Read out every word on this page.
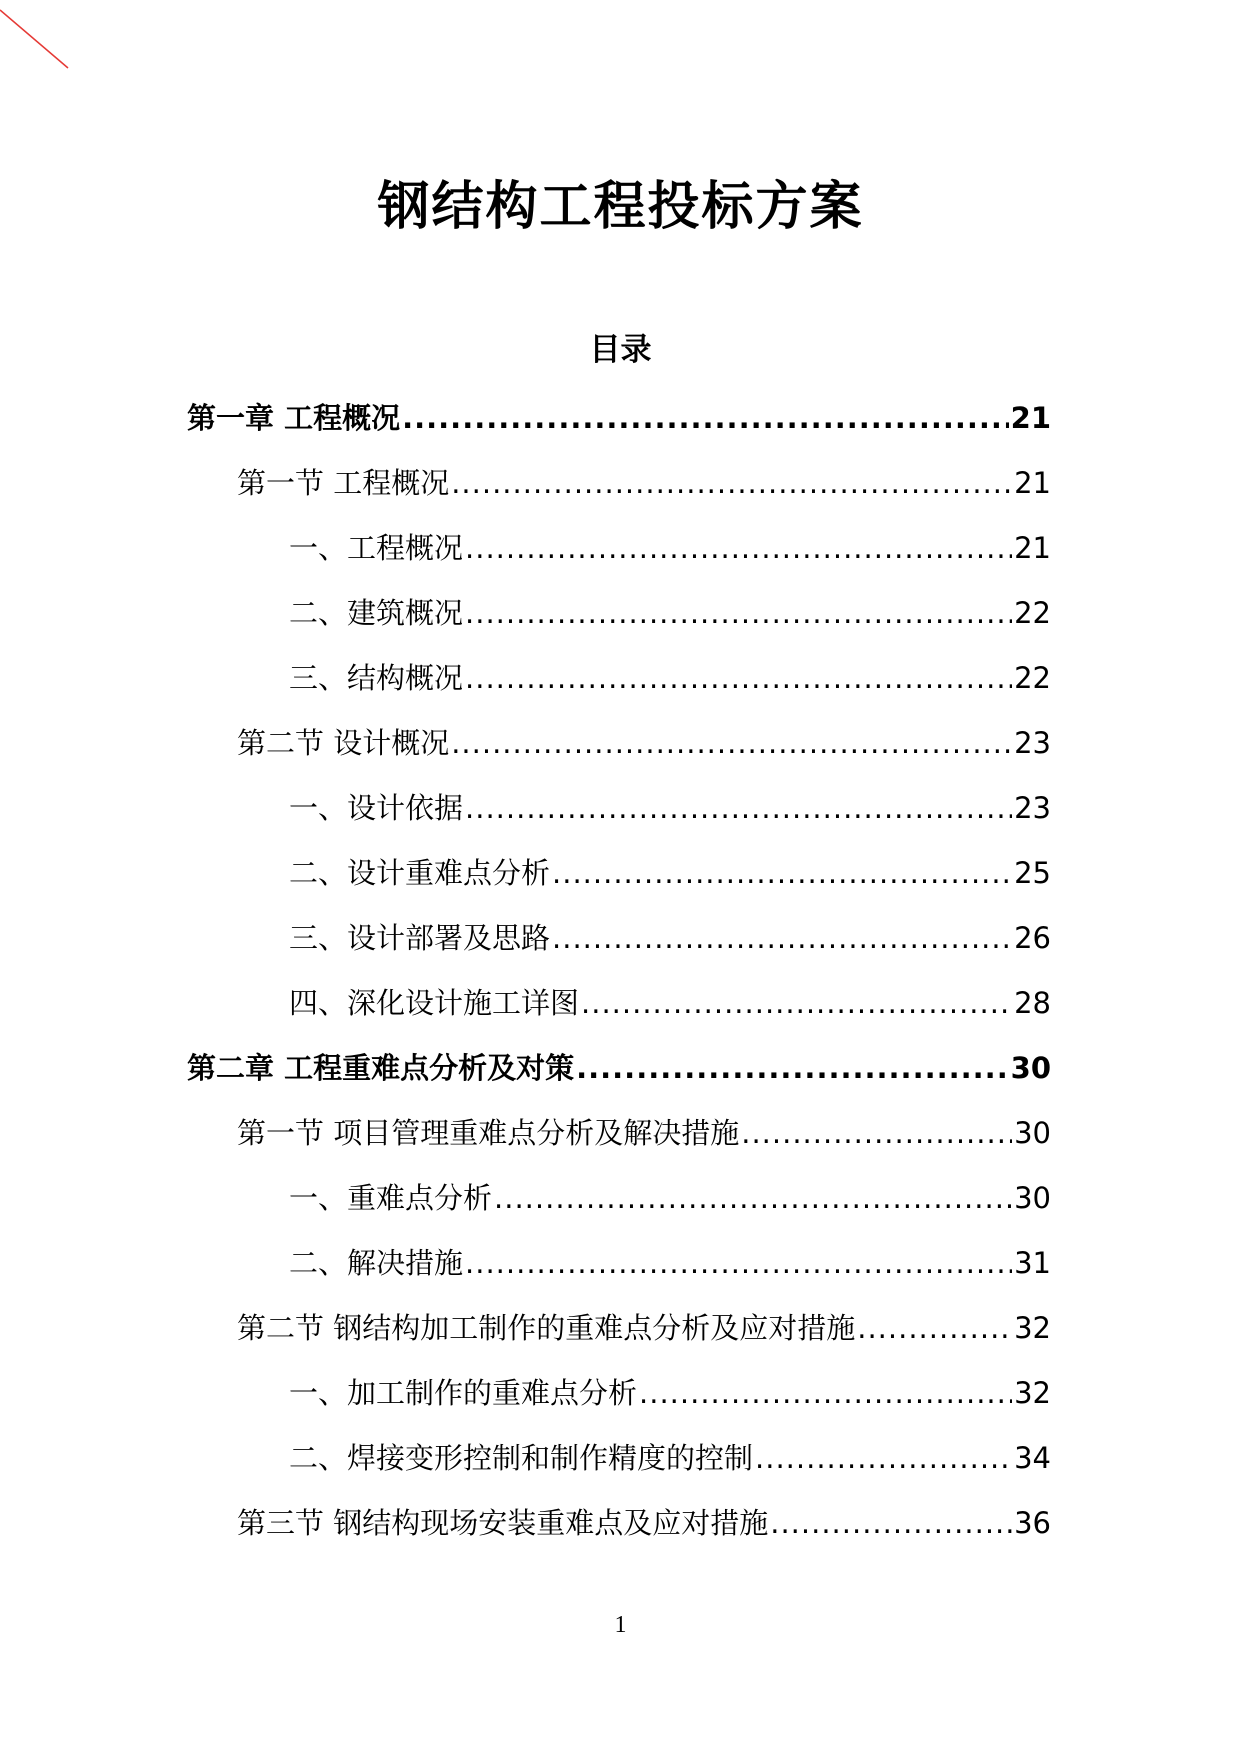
钢结构工程投标方案
目录
第一章 工程概况 .....	21
第一节 工程概况 .....	21
一、工程概况 .....	21
二、建筑概况 .....	22
三、结构概况 .....	22
第二节 设计概况 .....	23
一、设计依据 .....	23
二、设计重难点分析 .....	25
三、设计部署及思路 .....	26
四、深化设计施工详图 .....	28
第二章 工程重难点分析及对策 .....	30
第一节 项目管理重难点分析及解决措施 .....	30
一、重难点分析 .....	30
二、解决措施 .....	31
第二节 钢结构加工制作的重难点分析及应对措施 .....	32
一、加工制作的重难点分析 .....	32
二、焊接变形控制和制作精度的控制 .....	34
第三节 钢结构现场安装重难点及应对措施 .....	36
1
